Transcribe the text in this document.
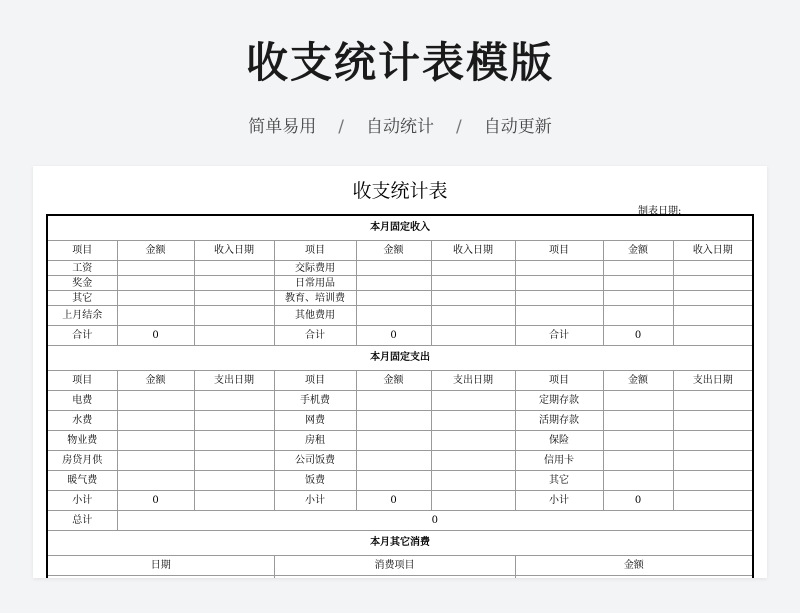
收支统计表模版
简单易用 / 自动统计 / 自动更新
收支统计表
制表日期:
本月固定收入								
项目	金额	收入日期	项目	金额	收入日期	项目	金额	收入日期
工资			交际费用					
奖金			日常用品					
其它			教育、培训费					
上月结余			其他费用					
合计	0		合计	0		合计	0	
本月固定支出								
项目	金额	支出日期	项目	金额	支出日期	项目	金额	支出日期
电费			手机费			定期存款		
水费			网费			活期存款		
物业费			房租			保险		
房贷月供			公司饭费			信用卡		
暖气费			饭费			其它		
小计	0		小计	0		小计	0	
总计	0							
本月其它消费								
日期			消费项目			金额		
